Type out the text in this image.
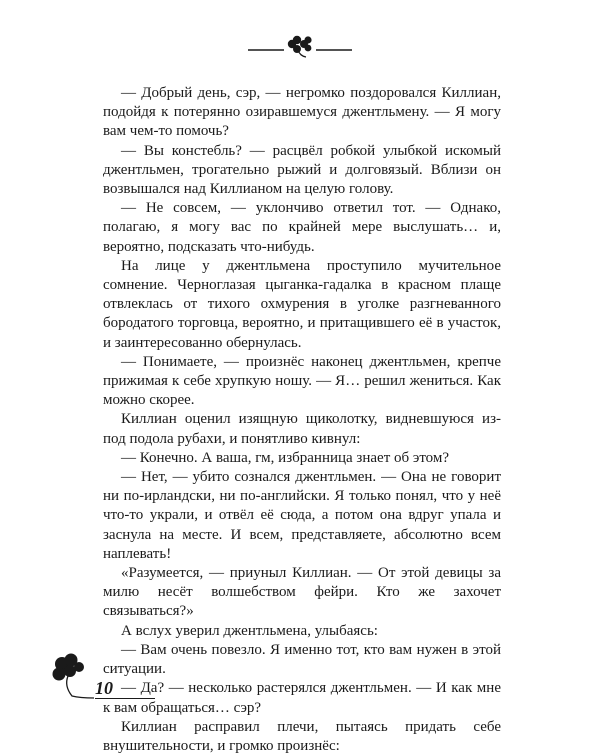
— Добрый день, сэр, — негромко поздоровался Киллиан, подойдя к потерянно озиравшемуся джентльмену. — Я могу вам чем-то помочь?

— Вы констебль? — расцвёл робкой улыбкой искомый джентльмен, трогательно рыжий и долговязый. Вблизи он возвышался над Киллианом на целую голову.

— Не совсем, — уклончиво ответил тот. — Однако, полагаю, я могу вас по крайней мере выслушать… и, вероятно, подсказать что-нибудь.

На лице у джентльмена проступило мучительное сомнение. Черноглазая цыганка-гадалка в красном плаще отвлеклась от тихого охмурения в уголке разгневанного бородатого торговца, вероятно, и притащившего её в участок, и заинтересованно обернулась.

— Понимаете, — произнёс наконец джентльмен, крепче прижимая к себе хрупкую ношу. — Я… решил жениться. Как можно скорее.

Киллиан оценил изящную щиколотку, видневшуюся из-под подола рубахи, и понятливо кивнул:

— Конечно. А ваша, гм, избранница знает об этом?

— Нет, — убито сознался джентльмен. — Она не говорит ни по-ирландски, ни по-английски. Я только понял, что у неё что-то украли, и отвёл её сюда, а потом она вдруг упала и заснула на месте. И всем, представляете, абсолютно всем наплевать!

«Разумеется, — приуныл Киллиан. — От этой девицы за милю несёт волшебством фейри. Кто же захочет связываться?»

А вслух уверил джентльмена, улыбаясь:

— Вам очень повезло. Я именно тот, кто вам нужен в этой ситуации.

— Да? — несколько растерялся джентльмен. — И как мне к вам обращаться… сэр?

Киллиан расправил плечи, пытаясь придать себе внушительности, и громко произнёс:

10
